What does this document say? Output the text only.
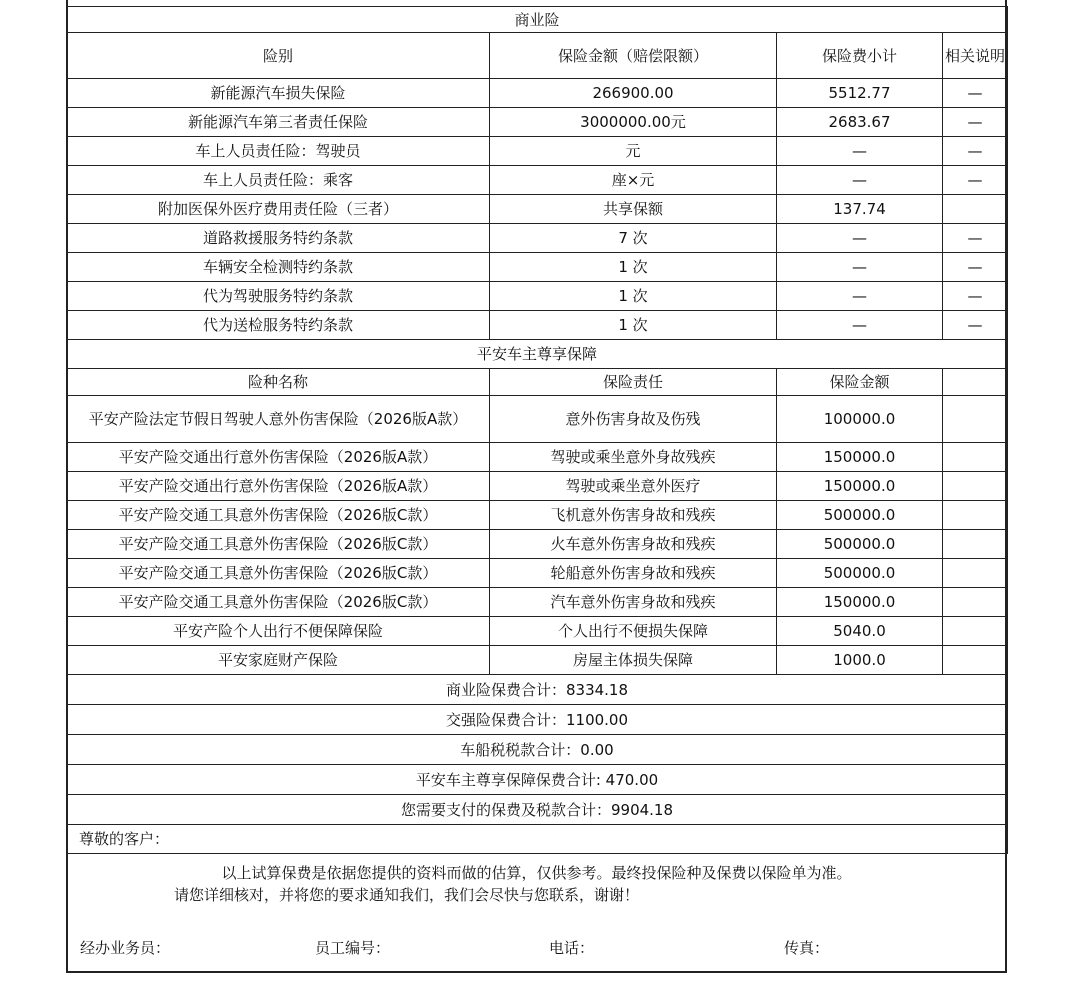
商业险			
险别	保险金额（赔偿限额）	保险费小计	相关说明
新能源汽车损失保险	266900.00	5512.77	—
新能源汽车第三者责任保险	3000000.00元	2683.67	—
车上人员责任险：驾驶员	元	—	—
车上人员责任险：乘客	座×元	—	—
附加医保外医疗费用责任险（三者）	共享保额	137.74	
道路救援服务特约条款	7 次	—	—
车辆安全检测特约条款	1 次	—	—
代为驾驶服务特约条款	1 次	—	—
代为送检服务特约条款	1 次	—	—
平安车主尊享保障			
险种名称	保险责任	保险金额	
平安产险法定节假日驾驶人意外伤害保险（2026版A款）	意外伤害身故及伤残	100000.0	
平安产险交通出行意外伤害保险（2026版A款）	驾驶或乘坐意外身故残疾	150000.0	
平安产险交通出行意外伤害保险（2026版A款）	驾驶或乘坐意外医疗	150000.0	
平安产险交通工具意外伤害保险（2026版C款）	飞机意外伤害身故和残疾	500000.0	
平安产险交通工具意外伤害保险（2026版C款）	火车意外伤害身故和残疾	500000.0	
平安产险交通工具意外伤害保险（2026版C款）	轮船意外伤害身故和残疾	500000.0	
平安产险交通工具意外伤害保险（2026版C款）	汽车意外伤害身故和残疾	150000.0	
平安产险个人出行不便保障保险	个人出行不便损失保障	5040.0	
平安家庭财产保险	房屋主体损失保障	1000.0	
商业险保费合计：8334.18			
交强险保费合计：1100.00			
车船税税款合计：0.00			
平安车主尊享保障保费合计: 470.00			
您需要支付的保费及税款合计：9904.18			
尊敬的客户：			
以上试算保费是依据您提供的资料而做的估算，仅供参考。最终投保险种及保费以保险单为准。
请您详细核对，并将您的要求通知我们，我们会尽快与您联系，谢谢！
经办业务员：	员工编号：	电话：	传真：
